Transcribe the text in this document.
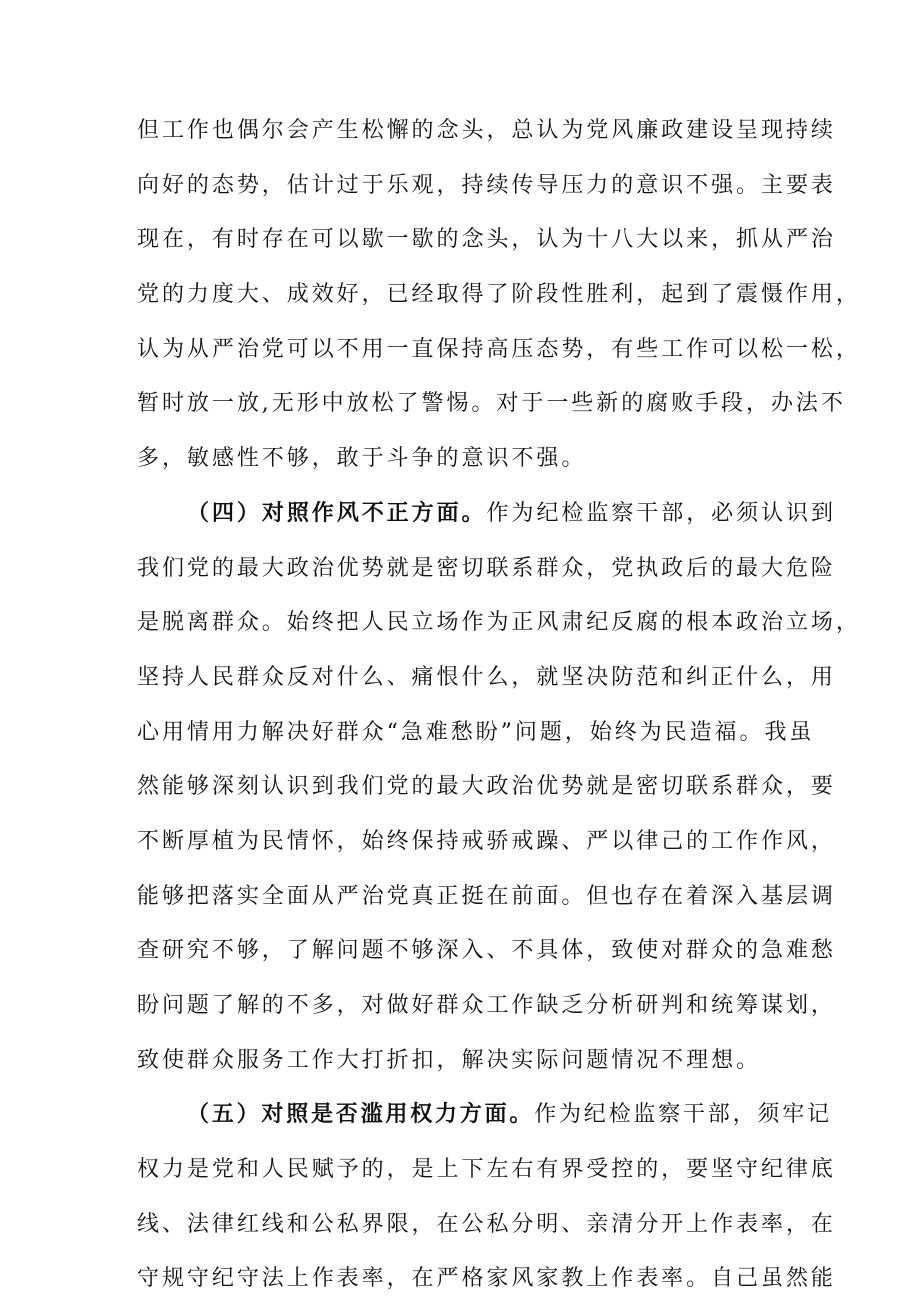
但工作也偶尔会产生松懈的念头，总认为党风廉政建设呈现持续
向好的态势，估计过于乐观，持续传导压力的意识不强。主要表
现在，有时存在可以歇一歇的念头，认为十八大以来，抓从严治
党的力度大、成效好，已经取得了阶段性胜利，起到了震慑作用，
认为从严治党可以不用一直保持高压态势，有些工作可以松一松，
暂时放一放,无形中放松了警惕。对于一些新的腐败手段，办法不
多，敏感性不够，敢于斗争的意识不强。
（四）对照作风不正方面。作为纪检监察干部，必须认识到
我们党的最大政治优势就是密切联系群众，党执政后的最大危险
是脱离群众。始终把人民立场作为正风肃纪反腐的根本政治立场，
坚持人民群众反对什么、痛恨什么，就坚决防范和纠正什么，用
心用情用力解决好群众“急难愁盼”问题，始终为民造福。我虽
然能够深刻认识到我们党的最大政治优势就是密切联系群众，要
不断厚植为民情怀，始终保持戒骄戒躁、严以律己的工作作风，
能够把落实全面从严治党真正挺在前面。但也存在着深入基层调
查研究不够，了解问题不够深入、不具体，致使对群众的急难愁
盼问题了解的不多，对做好群众工作缺乏分析研判和统筹谋划，
致使群众服务工作大打折扣，解决实际问题情况不理想。
（五）对照是否滥用权力方面。作为纪检监察干部，须牢记
权力是党和人民赋予的，是上下左右有界受控的，要坚守纪律底
线、法律红线和公私界限，在公私分明、亲清分开上作表率，在
守规守纪守法上作表率，在严格家风家教上作表率。自己虽然能
